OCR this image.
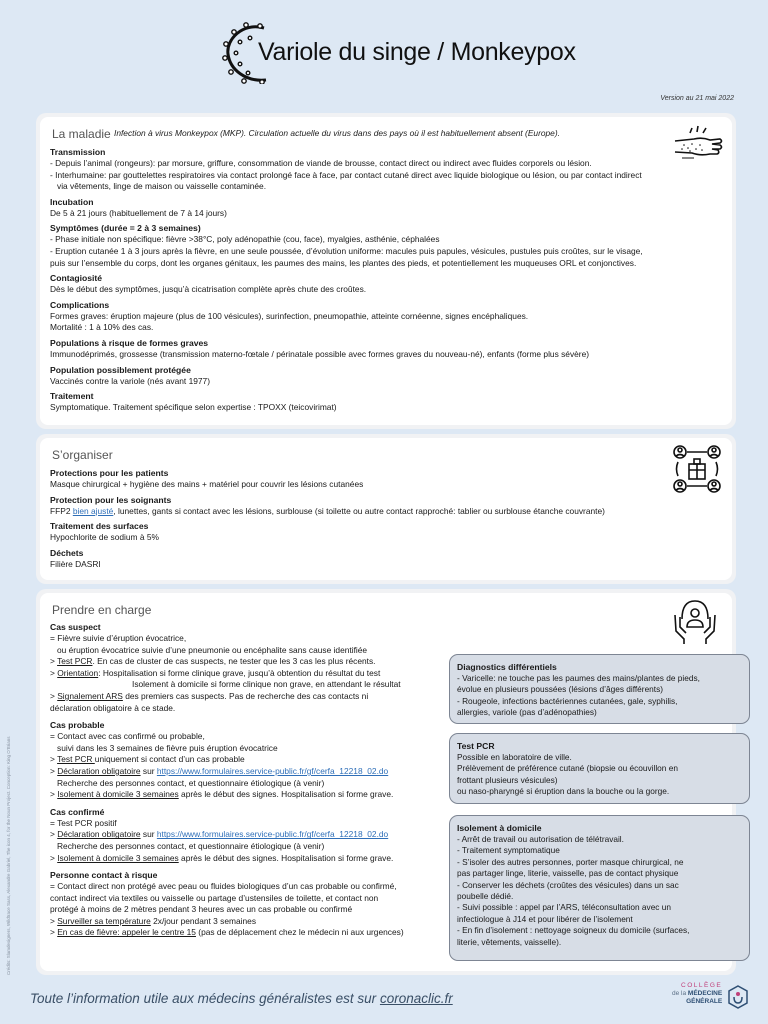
Variole du singe / Monkeypox
Version au 21 mai 2022
La maladie Infection à virus Monkeypox (MKP). Circulation actuelle du virus dans des pays où il est habituellement absent (Europe).
Transmission
- Depuis l’animal (rongeurs): par morsure, griffure, consommation de viande de brousse, contact direct ou indirect avec fluides corporels ou lésion.
- Interhumaine: par gouttelettes respiratoires via contact prolongé face à face, par contact cutané direct avec liquide biologique ou lésion, ou par contact indirect
via vêtements, linge de maison ou vaisselle contaminée.
Incubation
De 5 à 21 jours (habituellement de 7 à 14 jours)
Symptômes (durée = 2 à 3 semaines)
- Phase initiale non spécifique: fièvre >38°C, poly adénopathie (cou, face), myalgies, asthénie, céphalées
- Eruption cutanée 1 à 3 jours après la fièvre, en une seule poussée, d’évolution uniforme: macules puis papules, vésicules, pustules puis croûtes, sur le visage,
puis sur l’ensemble du corps, dont les organes génitaux, les paumes des mains, les plantes des pieds, et potentiellement les muqueuses ORL et conjonctives.
Contagiosité
Dès le début des symptômes, jusqu’à cicatrisation complète après chute des croûtes.
Complications
Formes graves: éruption majeure (plus de 100 vésicules), surinfection, pneumopathie, atteinte cornéenne, signes encéphaliques.
Mortalité : 1 à 10% des cas.
Populations à risque de formes graves
Immunodéprimés, grossesse (transmission materno-fœtale / périnatale possible avec formes graves du nouveau-né), enfants (forme plus sévère)
Population possiblement protégée
Vaccinés contre la variole (nés avant 1977)
Traitement
Symptomatique. Traitement spécifique selon expertise : TPOXX (teicovirimat)
S’organiser
Protections pour les patients
Masque chirurgical + hygiène des mains + matériel pour couvrir les lésions cutanées
Protection pour les soignants
FFP2 bien ajusté, lunettes, gants si contact avec les lésions, surblouse (si toilette ou autre contact rapproché: tablier ou surblouse étanche couvrante)
Traitement des surfaces
Hypochlorite de sodium à 5%
Déchets
Filière DASRI
Prendre en charge
Cas suspect
= Fièvre suivie d’éruption évocatrice,
ou éruption évocatrice suivie d’une pneumonie ou encéphalite sans cause identifiée
> Test PCR. En cas de cluster de cas suspects, ne tester que les 3 cas les plus récents.
> Orientation: Hospitalisation si forme clinique grave, jusqu’à obtention du résultat du test
Isolement à domicile si forme clinique non grave, en attendant le résultat
> Signalement ARS des premiers cas suspects. Pas de recherche des cas contacts ni
déclaration obligatoire à ce stade.
Cas probable
= Contact avec cas confirmé ou probable,
suivi dans les 3 semaines de fièvre puis éruption évocatrice
> Test PCR uniquement si contact d’un cas probable
> Déclaration obligatoire sur https://www.formulaires.service-public.fr/gf/cerfa_12218_02.do
Recherche des personnes contact, et questionnaire étiologique (à venir)
> Isolement à domicile 3 semaines après le début des signes. Hospitalisation si forme grave.
Cas confirmé
= Test PCR positif
> Déclaration obligatoire sur https://www.formulaires.service-public.fr/gf/cerfa_12218_02.do
Recherche des personnes contact, et questionnaire étiologique (à venir)
> Isolement à domicile 3 semaines après le début des signes. Hospitalisation si forme grave.
Personne contact à risque
= Contact direct non protégé avec peau ou fluides biologiques d’un cas probable ou confirmé,
contact indirect via textiles ou vaisselle ou partage d’ustensiles de toilette, et contact non
protégé à moins de 2 mètres pendant 3 heures avec un cas probable ou confirmé
> Surveiller sa température 2x/jour pendant 3 semaines
> En cas de fièvre: appeler le centre 15 (pas de déplacement chez le médecin ni aux urgences)
Diagnostics différentiels
- Varicelle: ne touche pas les paumes des mains/plantes de pieds,
évolue en plusieurs poussées (lésions d’âges différents)
- Rougeole, infections bactériennes cutanées, gale, syphilis,
allergies, variole (pas d’adénopathies)
Test PCR
Possible en laboratoire de ville.
Prélèvement de préférence cutané (biopsie ou écouvillon en
frottant plusieurs vésicules)
ou naso-pharyngé si éruption dans la bouche ou la gorge.
Isolement à domicile
- Arrêt de travail ou autorisation de télétravail.
- Traitement symptomatique
- S’isoler des autres personnes, porter masque chirurgical, ne
pas partager linge, literie, vaisselle, pas de contact physique
- Conserver les déchets (croûtes des vésicules) dans un sac
poubelle dédié.
- Suivi possible : appel par l’ARS, téléconsultation avec un
infectiologue à J14 et pour libérer de l’isolement
- En fin d’isolement : nettoyage soigneux du domicile (surfaces,
literie, vêtements, vaisselle).
Crédits: Slamdesigners, Wildtrace Sass, Alexandre Gabriel, The icon 4, for the Noun Project. Conception: King O’Brians
Toute l’information utile aux médecins généralistes est sur coronaclic.fr
COLLÈGE
de la MÉDECINE
GÉNÉRALE
